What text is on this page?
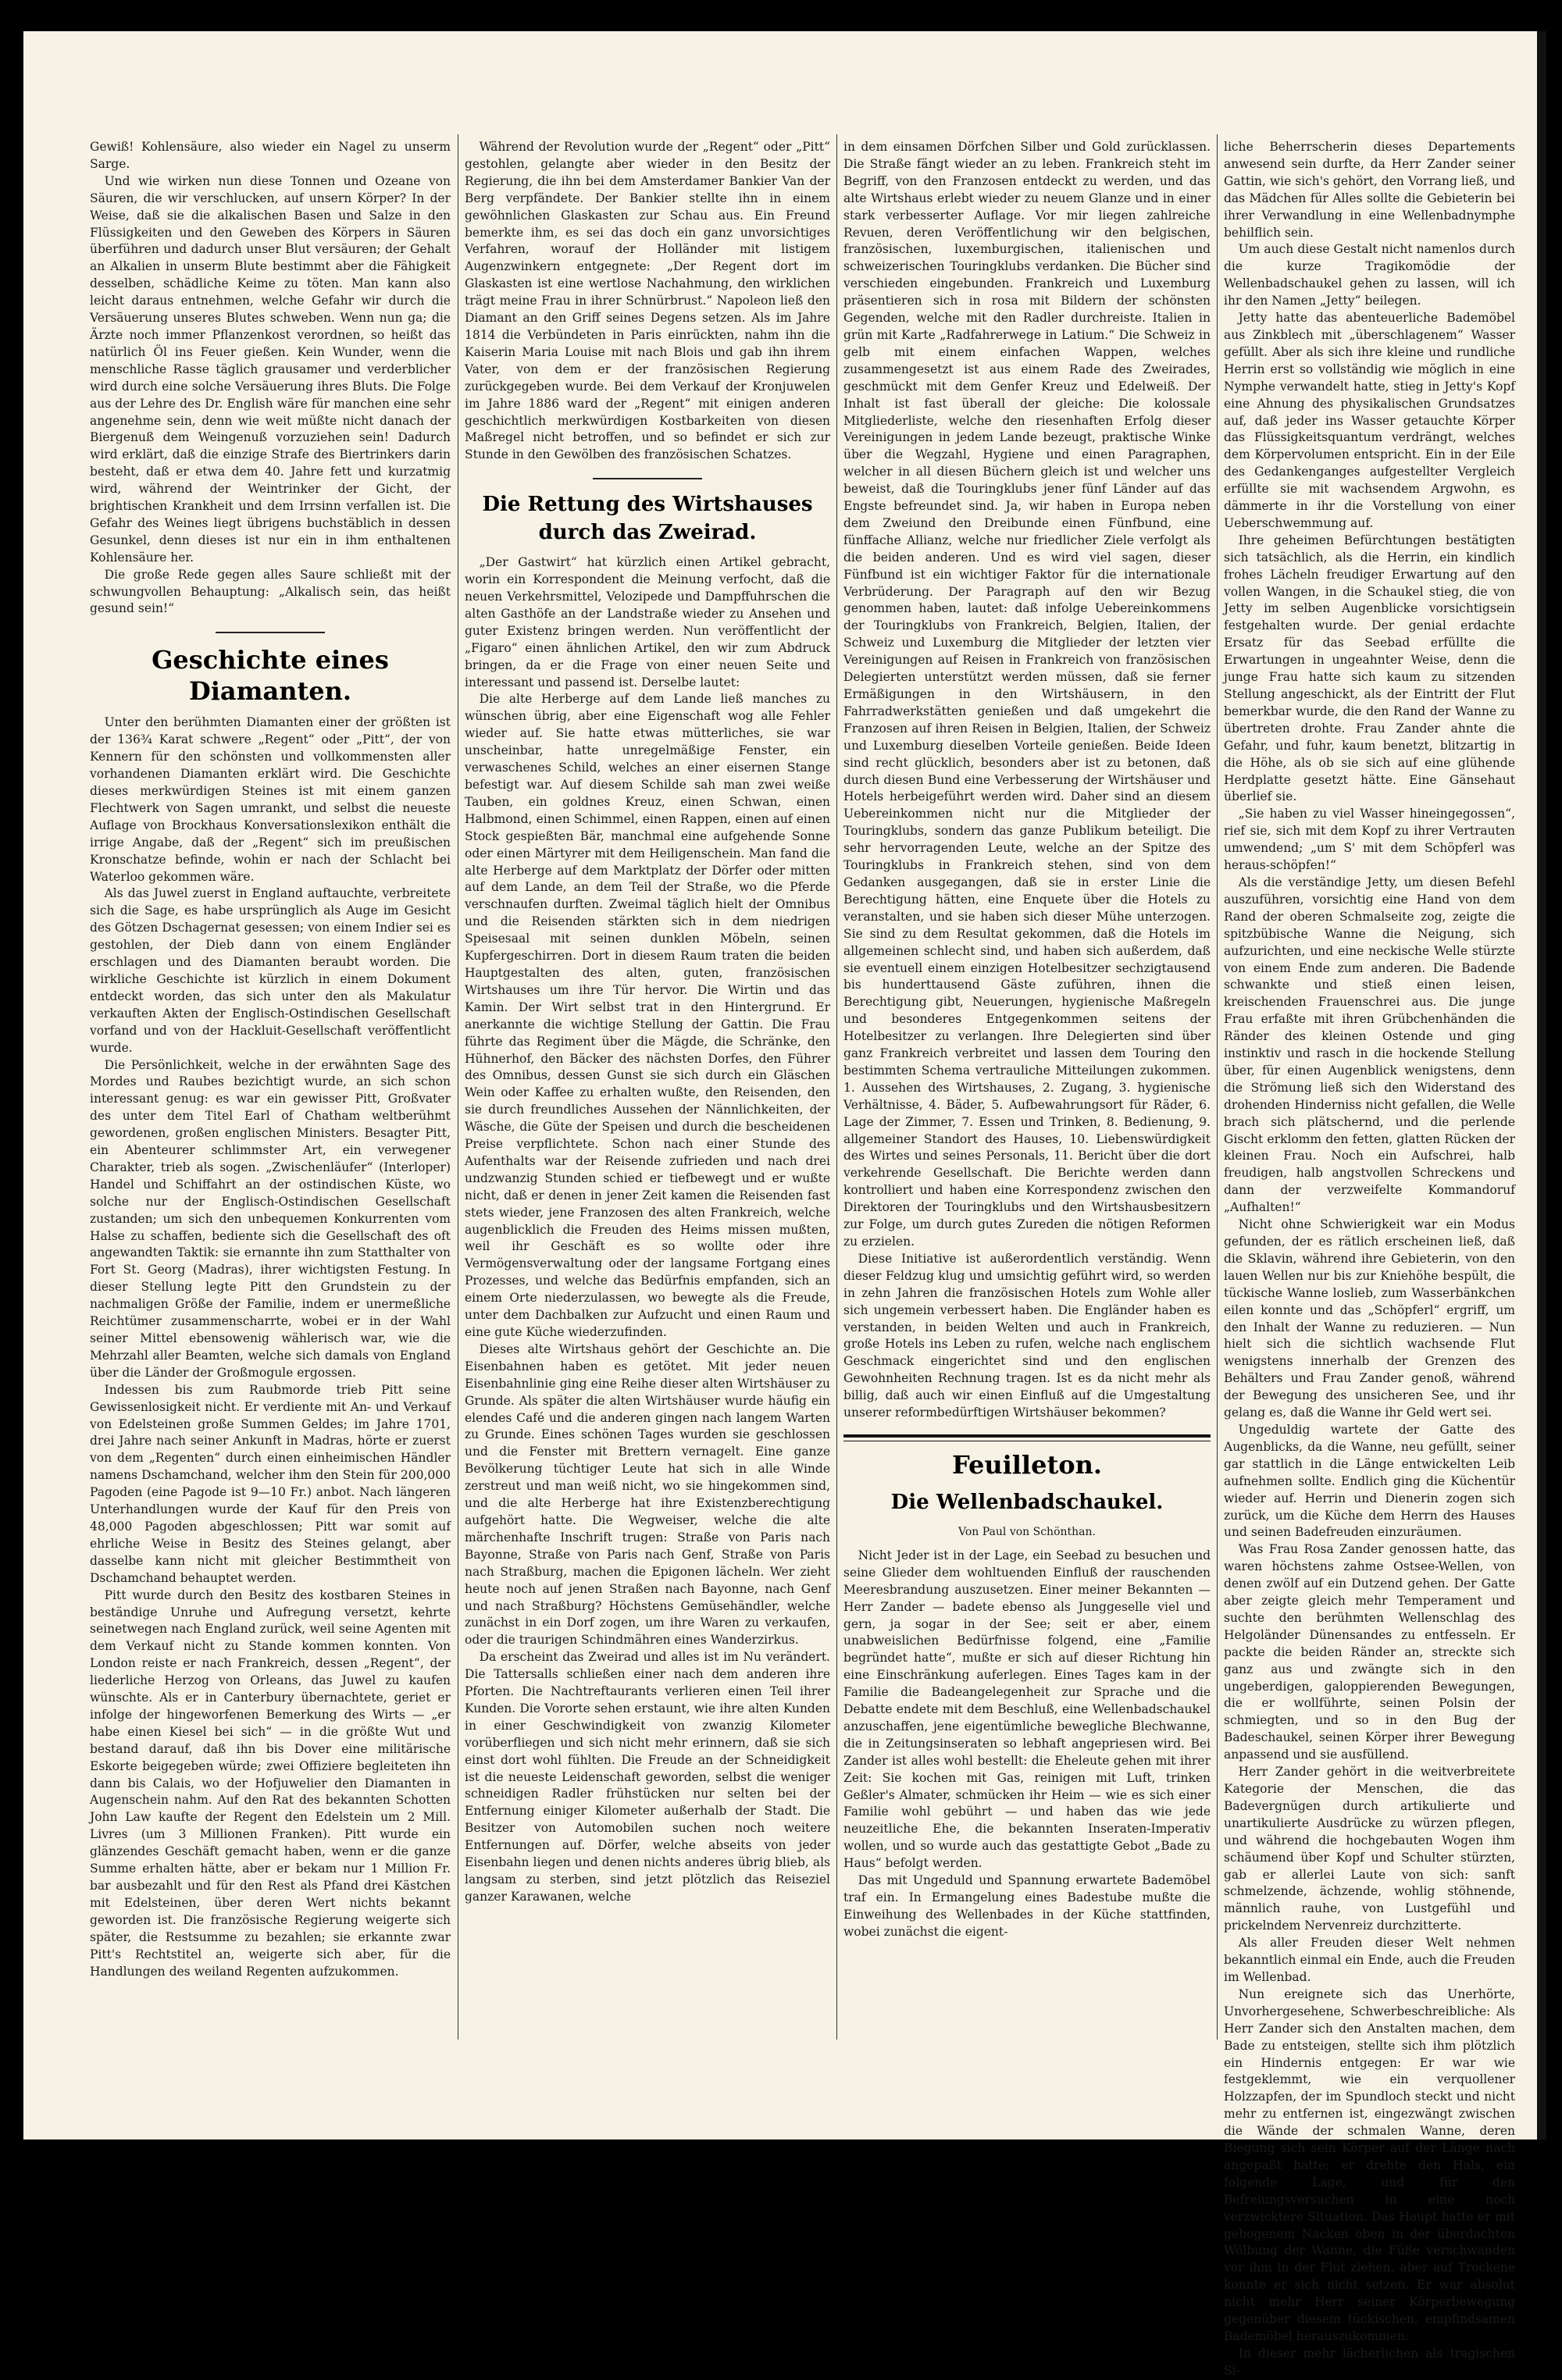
Gewiß! Kohlensäure, also wieder ein Nagel zu unserm Sarge.

Und wie wirken nun diese Tonnen und Ozeane von Säuren, die wir verschlucken, auf unsern Körper? In der Weise, daß sie die alkalischen Basen und Salze in den Flüssigkeiten und den Geweben des Körpers in Säuren überführen und dadurch unser Blut versäuren; der Gehalt an Alkalien in unserm Blute bestimmt aber die Fähigkeit desselben, schädliche Keime zu töten. Man kann also leicht daraus entnehmen, welche Gefahr wir durch die Versäuerung unseres Blutes schweben. Wenn nun ga; die Ärzte noch immer Pflanzenkost verordnen, so heißt das natürlich Öl ins Feuer gießen. Kein Wunder, wenn die menschliche Rasse täglich grausamer und verderblicher wird durch eine solche Versäuerung ihres Bluts. Die Folge aus der Lehre des Dr. English wäre für manchen eine sehr angenehme sein, denn wie weit müßte nicht danach der Biergenuß dem Weingenuß vorzuziehen sein! Dadurch wird erklärt, daß die einzige Strafe des Biertrinkers darin besteht, daß er etwa dem 40. Jahre fett und kurzatmig wird, während der Weintrinker der Gicht, der brightischen Krankheit und dem Irrsinn verfallen ist. Die Gefahr des Weines liegt übrigens buchstäblich in dessen Gesunkel, denn dieses ist nur ein in ihm enthaltenen Kohlensäure her.

Die große Rede gegen alles Saure schließt mit der schwungvollen Behauptung: „Alkalisch sein, das heißt gesund sein!“

Geschichte eines Diamanten.

Unter den berühmten Diamanten einer der größten ist der 136¾ Karat schwere „Regent“ oder „Pitt“, der von Kennern für den schönsten und vollkommensten aller vorhandenen Diamanten erklärt wird. Die Geschichte dieses merkwürdigen Steines ist mit einem ganzen Flechtwerk von Sagen umrankt, und selbst die neueste Auflage von Brockhaus Konversationslexikon enthält die irrige Angabe, daß der „Regent“ sich im preußischen Kronschatze befinde, wohin er nach der Schlacht bei Waterloo gekommen wäre.

Als das Juwel zuerst in England auftauchte, verbreitete sich die Sage, es habe ursprünglich als Auge im Gesicht des Götzen Dschagernat gesessen; von einem Indier sei es gestohlen, der Dieb dann von einem Engländer erschlagen und des Diamanten beraubt worden. Die wirkliche Geschichte ist kürzlich in einem Dokument entdeckt worden, das sich unter den als Makulatur verkauften Akten der Englisch-Ostindischen Gesellschaft vorfand und von der Hackluit-Gesellschaft veröffentlicht wurde.

Die Persönlichkeit, welche in der erwähnten Sage des Mordes und Raubes bezichtigt wurde, an sich schon interessant genug: es war ein gewisser Pitt, Großvater des unter dem Titel Earl of Chatham weltberühmt gewordenen, großen englischen Ministers. Besagter Pitt, ein Abenteurer schlimmster Art, ein verwegener Charakter, trieb als sogen. „Zwischenläufer“ (Interloper) Handel und Schiffahrt an der ostindischen Küste, wo solche nur der Englisch-Ostindischen Gesellschaft zustanden; um sich den unbequemen Konkurrenten vom Halse zu schaffen, bediente sich die Gesellschaft des oft angewandten Taktik: sie ernannte ihn zum Statthalter von Fort St. Georg (Madras), ihrer wichtigsten Festung. In dieser Stellung legte Pitt den Grundstein zu der nachmaligen Größe der Familie, indem er unermeßliche Reichtümer zusammenscharrte, wobei er in der Wahl seiner Mittel ebensowenig wählerisch war, wie die Mehrzahl aller Beamten, welche sich damals von England über die Länder der Großmogule ergossen.

Indessen bis zum Raubmorde trieb Pitt seine Gewissenlosigkeit nicht. Er verdiente mit An- und Verkauf von Edelsteinen große Summen Geldes; im Jahre 1701, drei Jahre nach seiner Ankunft in Madras, hörte er zuerst von dem „Regenten“ durch einen einheimischen Händler namens Dschamchand, welcher ihm den Stein für 200,000 Pagoden (eine Pagode ist 9—10 Fr.) anbot. Nach längeren Unterhandlungen wurde der Kauf für den Preis von 48,000 Pagoden abgeschlossen; Pitt war somit auf ehrliche Weise in Besitz des Steines gelangt, aber dasselbe kann nicht mit gleicher Bestimmtheit von Dschamchand behauptet werden.

Pitt wurde durch den Besitz des kostbaren Steines in beständige Unruhe und Aufregung versetzt, kehrte seinetwegen nach England zurück, weil seine Agenten mit dem Verkauf nicht zu Stande kommen konnten. Von London reiste er nach Frankreich, dessen „Regent“, der liederliche Herzog von Orleans, das Juwel zu kaufen wünschte. Als er in Canterbury übernachtete, geriet er infolge der hingeworfenen Bemerkung des Wirts — „er habe einen Kiesel bei sich“ — in die größte Wut und bestand darauf, daß ihn bis Dover eine militärische Eskorte beigegeben würde; zwei Offiziere begleiteten ihn dann bis Calais, wo der Hofjuwelier den Diamanten in Augenschein nahm. Auf den Rat des bekannten Schotten John Law kaufte der Regent den Edelstein um 2 Mill. Livres (um 3 Millionen Franken). Pitt wurde ein glänzendes Geschäft gemacht haben, wenn er die ganze Summe erhalten hätte, aber er bekam nur 1 Million Fr. bar ausbezahlt und für den Rest als Pfand drei Kästchen mit Edelsteinen, über deren Wert nichts bekannt geworden ist. Die französische Regierung weigerte sich später, die Restsumme zu bezahlen; sie erkannte zwar Pitt's Rechtstitel an, weigerte sich aber, für die Handlungen des weiland Regenten aufzukommen.

Während der Revolution wurde der „Regent“ oder „Pitt“ gestohlen, gelangte aber wieder in den Besitz der Regierung, die ihn bei dem Amsterdamer Bankier Van der Berg verpfändete. Der Bankier stellte ihn in einem gewöhnlichen Glaskasten zur Schau aus. Ein Freund bemerkte ihm, es sei das doch ein ganz unvorsichtiges Verfahren, worauf der Holländer mit listigem Augenzwinkern entgegnete: „Der Regent dort im Glaskasten ist eine wertlose Nachahmung, den wirklichen trägt meine Frau in ihrer Schnürbrust.“ Napoleon ließ den Diamant an den Griff seines Degens setzen. Als im Jahre 1814 die Verbündeten in Paris einrückten, nahm ihn die Kaiserin Maria Louise mit nach Blois und gab ihn ihrem Vater, von dem er der französischen Regierung zurückgegeben wurde. Bei dem Verkauf der Kronjuwelen im Jahre 1886 ward der „Regent“ mit einigen anderen geschichtlich merkwürdigen Kostbarkeiten von diesen Maßregel nicht betroffen, und so befindet er sich zur Stunde in den Gewölben des französischen Schatzes.

Die Rettung des Wirtshauses durch das Zweirad.

„Der Gastwirt“ hat kürzlich einen Artikel gebracht, worin ein Korrespondent die Meinung verfocht, daß die neuen Verkehrsmittel, Velozipede und Dampffuhrschen die alten Gasthöfe an der Landstraße wieder zu Ansehen und guter Existenz bringen werden. Nun veröffentlicht der „Figaro“ einen ähnlichen Artikel, den wir zum Abdruck bringen, da er die Frage von einer neuen Seite und interessant und passend ist. Derselbe lautet:

Die alte Herberge auf dem Lande ließ manches zu wünschen übrig, aber eine Eigenschaft wog alle Fehler wieder auf. Sie hatte etwas mütterliches, sie war unscheinbar, hatte unregelmäßige Fenster, ein verwaschenes Schild, welches an einer eisernen Stange befestigt war. Auf diesem Schilde sah man zwei weiße Tauben, ein goldnes Kreuz, einen Schwan, einen Halbmond, einen Schimmel, einen Rappen, einen auf einen Stock gespießten Bär, manchmal eine aufgehende Sonne oder einen Märtyrer mit dem Heiligenschein. Man fand die alte Herberge auf dem Marktplatz der Dörfer oder mitten auf dem Lande, an dem Teil der Straße, wo die Pferde verschnaufen durften. Zweimal täglich hielt der Omnibus und die Reisenden stärkten sich in dem niedrigen Speisesaal mit seinen dunklen Möbeln, seinen Kupfergeschirren. Dort in diesem Raum traten die beiden Hauptgestalten des alten, guten, französischen Wirtshauses um ihre Tür hervor. Die Wirtin und das Kamin. Der Wirt selbst trat in den Hintergrund. Er anerkannte die wichtige Stellung der Gattin. Die Frau führte das Regiment über die Mägde, die Schränke, den Hühnerhof, den Bäcker des nächsten Dorfes, den Führer des Omnibus, dessen Gunst sie sich durch ein Gläschen Wein oder Kaffee zu erhalten wußte, den Reisenden, den sie durch freundliches Aussehen der Nännlichkeiten, der Wäsche, die Güte der Speisen und durch die bescheidenen Preise verpflichtete. Schon nach einer Stunde des Aufenthalts war der Reisende zufrieden und nach drei undzwanzig Stunden schied er tiefbewegt und er wußte nicht, daß er denen in jener Zeit kamen die Reisenden fast stets wieder, jene Franzosen des alten Frankreich, welche augenblicklich die Freuden des Heims missen mußten, weil ihr Geschäft es so wollte oder ihre Vermögensverwaltung oder der langsame Fortgang eines Prozesses, und welche das Bedürfnis empfanden, sich an einem Orte niederzulassen, wo bewegte als die Freude, unter dem Dachbalken zur Aufzucht und einen Raum und eine gute Küche wiederzufinden.

Dieses alte Wirtshaus gehört der Geschichte an. Die Eisenbahnen haben es getötet. Mit jeder neuen Eisenbahnlinie ging eine Reihe dieser alten Wirtshäuser zu Grunde. Als später die alten Wirtshäuser wurde häufig ein elendes Café und die anderen gingen nach langem Warten zu Grunde. Eines schönen Tages wurden sie geschlossen und die Fenster mit Brettern vernagelt. Eine ganze Bevölkerung tüchtiger Leute hat sich in alle Winde zerstreut und man weiß nicht, wo sie hingekommen sind, und die alte Herberge hat ihre Existenzberechtigung aufgehört hatte. Die Wegweiser, welche die alte märchenhafte Inschrift trugen: Straße von Paris nach Bayonne, Straße von Paris nach Genf, Straße von Paris nach Straßburg, machen die Epigonen lächeln. Wer zieht heute noch auf jenen Straßen nach Bayonne, nach Genf und nach Straßburg? Höchstens Gemüsehändler, welche zunächst in ein Dorf zogen, um ihre Waren zu verkaufen, oder die traurigen Schindmähren eines Wanderzirkus.

Da erscheint das Zweirad und alles ist im Nu verändert. Die Tattersalls schließen einer nach dem anderen ihre Pforten. Die Nachtreftaurants verlieren einen Teil ihrer Kunden. Die Vororte sehen erstaunt, wie ihre alten Kunden in einer Geschwindigkeit von zwanzig Kilometer vorüberfliegen und sich nicht mehr erinnern, daß sie sich einst dort wohl fühlten. Die Freude an der Schneidigkeit ist die neueste Leidenschaft geworden, selbst die weniger schneidigen Radler frühstücken nur selten bei der Entfernung einiger Kilometer außerhalb der Stadt. Die Besitzer von Automobilen suchen noch weitere Entfernungen auf. Dörfer, welche abseits von jeder Eisenbahn liegen und denen nichts anderes übrig blieb, als langsam zu sterben, sind jetzt plötzlich das Reiseziel ganzer Karawanen, welche

in dem einsamen Dörfchen Silber und Gold zurücklassen. Die Straße fängt wieder an zu leben. Frankreich steht im Begriff, von den Franzosen entdeckt zu werden, und das alte Wirtshaus erlebt wieder zu neuem Glanze und in einer stark verbesserter Auflage. Vor mir liegen zahlreiche Revuen, deren Veröffentlichung wir den belgischen, französischen, luxemburgischen, italienischen und schweizerischen Touringklubs verdanken. Die Bücher sind verschieden eingebunden. Frankreich und Luxemburg präsentieren sich in rosa mit Bildern der schönsten Gegenden, welche mit den Radler durchreiste. Italien in grün mit Karte „Radfahrerwege in Latium.“ Die Schweiz in gelb mit einem einfachen Wappen, welches zusammengesetzt ist aus einem Rade des Zweirades, geschmückt mit dem Genfer Kreuz und Edelweiß. Der Inhalt ist fast überall der gleiche: Die kolossale Mitgliederliste, welche den riesenhaften Erfolg dieser Vereinigungen in jedem Lande bezeugt, praktische Winke über die Wegzahl, Hygiene und einen Paragraphen, welcher in all diesen Büchern gleich ist und welcher uns beweist, daß die Touringklubs jener fünf Länder auf das Engste befreundet sind. Ja, wir haben in Europa neben dem Zweiund den Dreibunde einen Fünfbund, eine fünffache Allianz, welche nur friedlicher Ziele verfolgt als die beiden anderen. Und es wird viel sagen, dieser Fünfbund ist ein wichtiger Faktor für die internationale Verbrüderung. Der Paragraph auf den wir Bezug genommen haben, lautet: daß infolge Uebereinkommens der Touringklubs von Frankreich, Belgien, Italien, der Schweiz und Luxemburg die Mitglieder der letzten vier Vereinigungen auf Reisen in Frankreich von französischen Delegierten unterstützt werden müssen, daß sie ferner Ermäßigungen in den Wirtshäusern, in den Fahrradwerkstätten genießen und daß umgekehrt die Franzosen auf ihren Reisen in Belgien, Italien, der Schweiz und Luxemburg dieselben Vorteile genießen. Beide Ideen sind recht glücklich, besonders aber ist zu betonen, daß durch diesen Bund eine Verbesserung der Wirtshäuser und Hotels herbeigeführt werden wird. Daher sind an diesem Uebereinkommen nicht nur die Mitglieder der Touringklubs, sondern das ganze Publikum beteiligt. Die sehr hervorragenden Leute, welche an der Spitze des Touringklubs in Frankreich stehen, sind von dem Gedanken ausgegangen, daß sie in erster Linie die Berechtigung hätten, eine Enquete über die Hotels zu veranstalten, und sie haben sich dieser Mühe unterzogen. Sie sind zu dem Resultat gekommen, daß die Hotels im allgemeinen schlecht sind, und haben sich außerdem, daß sie eventuell einem einzigen Hotelbesitzer sechzigtausend bis hunderttausend Gäste zuführen, ihnen die Berechtigung gibt, Neuerungen, hygienische Maßregeln und besonderes Entgegenkommen seitens der Hotelbesitzer zu verlangen. Ihre Delegierten sind über ganz Frankreich verbreitet und lassen dem Touring den bestimmten Schema vertrauliche Mitteilungen zukommen. 1. Aussehen des Wirtshauses, 2. Zugang, 3. hygienische Verhältnisse, 4. Bäder, 5. Aufbewahrungsort für Räder, 6. Lage der Zimmer, 7. Essen und Trinken, 8. Bedienung, 9. allgemeiner Standort des Hauses, 10. Liebenswürdigkeit des Wirtes und seines Personals, 11. Bericht über die dort verkehrende Gesellschaft. Die Berichte werden dann kontrolliert und haben eine Korrespondenz zwischen den Direktoren der Touringklubs und den Wirtshausbesitzern zur Folge, um durch gutes Zureden die nötigen Reformen zu erzielen.

Diese Initiative ist außerordentlich verständig. Wenn dieser Feldzug klug und umsichtig geführt wird, so werden in zehn Jahren die französischen Hotels zum Wohle aller sich ungemein verbessert haben. Die Engländer haben es verstanden, in beiden Welten und auch in Frankreich, große Hotels ins Leben zu rufen, welche nach englischem Geschmack eingerichtet sind und den englischen Gewohnheiten Rechnung tragen. Ist es da nicht mehr als billig, daß auch wir einen Einfluß auf die Umgestaltung unserer reformbedürftigen Wirtshäuser bekommen?

Feuilleton.
Die Wellenbadschaukel.
Von Paul von Schönthan.

Nicht Jeder ist in der Lage, ein Seebad zu besuchen und seine Glieder dem wohltuenden Einfluß der rauschenden Meeresbrandung auszusetzen. Einer meiner Bekannten — Herr Zander — badete ebenso als Junggeselle viel und gern, ja sogar in der See; seit er aber, einem unabweislichen Bedürfnisse folgend, eine „Familie begründet hatte“, mußte er sich auf dieser Richtung hin eine Einschränkung auferlegen. Eines Tages kam in der Familie die Badeangelegenheit zur Sprache und die Debatte endete mit dem Beschluß, eine Wellenbadschaukel anzuschaffen, jene eigentümliche bewegliche Blechwanne, die in Zeitungsinseraten so lebhaft angepriesen wird. Bei Zander ist alles wohl bestellt: die Eheleute gehen mit ihrer Zeit: Sie kochen mit Gas, reinigen mit Luft, trinken Geßler's Almater, schmücken ihr Heim — wie es sich einer Familie wohl gebührt — und haben das wie jede neuzeitliche Ehe, die bekannten Inseraten-Imperativ wollen, und so wurde auch das gestattigte Gebot „Bade zu Haus“ befolgt werden.

Das mit Ungeduld und Spannung erwartete Bademöbel traf ein. In Ermangelung eines Badestube mußte die Einweihung des Wellenbades in der Küche stattfinden, wobei zunächst die eigent-

liche Beherrscherin dieses Departements anwesend sein durfte, da Herr Zander seiner Gattin, wie sich's gehört, den Vorrang ließ, und das Mädchen für Alles sollte die Gebieterin bei ihrer Verwandlung in eine Wellenbadnymphe behilflich sein.

Um auch diese Gestalt nicht namenlos durch die kurze Tragikomödie der Wellenbadschaukel gehen zu lassen, will ich ihr den Namen „Jetty“ beilegen.

Jetty hatte das abenteuerliche Bademöbel aus Zinkblech mit „überschlagenem“ Wasser gefüllt. Aber als sich ihre kleine und rundliche Herrin erst so vollständig wie möglich in eine Nymphe verwandelt hatte, stieg in Jetty's Kopf eine Ahnung des physikalischen Grundsatzes auf, daß jeder ins Wasser getauchte Körper das Flüssigkeitsquantum verdrängt, welches dem Körpervolumen entspricht. Ein in der Eile des Gedankenganges aufgestellter Vergleich erfüllte sie mit wachsendem Argwohn, es dämmerte in ihr die Vorstellung von einer Ueberschwemmung auf.

Ihre geheimen Befürchtungen bestätigten sich tatsächlich, als die Herrin, ein kindlich frohes Lächeln freudiger Erwartung auf den vollen Wangen, in die Schaukel stieg, die von Jetty im selben Augenblicke vorsichtigsein festgehalten wurde. Der genial erdachte Ersatz für das Seebad erfüllte die Erwartungen in ungeahnter Weise, denn die junge Frau hatte sich kaum zu sitzenden Stellung angeschickt, als der Eintritt der Flut bemerkbar wurde, die den Rand der Wanne zu übertreten drohte. Frau Zander ahnte die Gefahr, und fuhr, kaum benetzt, blitzartig in die Höhe, als ob sie sich auf eine glühende Herdplatte gesetzt hätte. Eine Gänsehaut überlief sie.

„Sie haben zu viel Wasser hineingegossen“, rief sie, sich mit dem Kopf zu ihrer Vertrauten umwendend; „um S' mit dem Schöpferl was heraus-schöpfen!“

Als die verständige Jetty, um diesen Befehl auszuführen, vorsichtig eine Hand von dem Rand der oberen Schmalseite zog, zeigte die spitzbübische Wanne die Neigung, sich aufzurichten, und eine neckische Welle stürzte von einem Ende zum anderen. Die Badende schwankte und stieß einen leisen, kreischenden Frauenschrei aus. Die junge Frau erfaßte mit ihren Grübchenhänden die Ränder des kleinen Ostende und ging instinktiv und rasch in die hockende Stellung über, für einen Augenblick wenigstens, denn die Strömung ließ sich den Widerstand des drohenden Hinderniss nicht gefallen, die Welle brach sich plätschernd, und die perlende Gischt erklomm den fetten, glatten Rücken der kleinen Frau. Noch ein Aufschrei, halb freudigen, halb angstvollen Schreckens und dann der verzweifelte Kommandoruf „Aufhalten!“

Nicht ohne Schwierigkeit war ein Modus gefunden, der es rätlich erscheinen ließ, daß die Sklavin, während ihre Gebieterin, von den lauen Wellen nur bis zur Kniehöhe bespült, die tückische Wanne loslieb, zum Wasserbänkchen eilen konnte und das „Schöpferl“ ergriff, um den Inhalt der Wanne zu reduzieren. — Nun hielt sich die sichtlich wachsende Flut wenigstens innerhalb der Grenzen des Behälters und Frau Zander genoß, während der Bewegung des unsicheren See, und ihr gelang es, daß die Wanne ihr Geld wert sei.

Ungeduldig wartete der Gatte des Augenblicks, da die Wanne, neu gefüllt, seiner gar stattlich in die Länge entwickelten Leib aufnehmen sollte. Endlich ging die Küchentür wieder auf. Herrin und Dienerin zogen sich zurück, um die Küche dem Herrn des Hauses und seinen Badefreuden einzuräumen.

Was Frau Rosa Zander genossen hatte, das waren höchstens zahme Ostsee-Wellen, von denen zwölf auf ein Dutzend gehen. Der Gatte aber zeigte gleich mehr Temperament und suchte den berühmten Wellenschlag des Helgoländer Dünensandes zu entfesseln. Er packte die beiden Ränder an, streckte sich ganz aus und zwängte sich in den ungeberdigen, galoppierenden Bewegungen, die er wollführte, seinen Polsin der schmiegten, und so in den Bug der Badeschaukel, seinen Körper ihrer Bewegung anpassend und sie ausfüllend.

Herr Zander gehört in die weitverbreitete Kategorie der Menschen, die das Badevergnügen durch artikulierte und unartikulierte Ausdrücke zu würzen pflegen, und während die hochgebauten Wogen ihm schäumend über Kopf und Schulter stürzten, gab er allerlei Laute von sich: sanft schmelzende, ächzende, wohlig stöhnende, männlich rauhe, von Lustgefühl und prickelndem Nervenreiz durchzitterte.

Als aller Freuden dieser Welt nehmen bekanntlich einmal ein Ende, auch die Freuden im Wellenbad.

Nun ereignete sich das Unerhörte, Unvorhergesehene, Schwerbeschreibliche: Als Herr Zander sich den Anstalten machen, dem Bade zu entsteigen, stellte sich ihm plötzlich ein Hindernis entgegen: Er war wie festgeklemmt, wie ein verquollener Holzzapfen, der im Spundloch steckt und nicht mehr zu entfernen ist, eingezwängt zwischen die Wände der schmalen Wanne, deren Biegung sich sein Körper auf der Länge nach angepaßt hatte; er drehte den Hals, ein folgende Lage, und für den Befreiungsversuchen in eine noch verzwicktere Situation. Das Haupt hatte er mit gebogenem Nacken oben in der überdachten Wölbung der Wanne, die Füße verschwanden vor ihm in der Flut ziehen, aber auf Trockene konnte er sich nicht setzen. Er war absolut nicht mehr Herr seiner Körperbewegung gegenüber diesem tückischen, empfindsamen Bademöbel herauszukommen.

In dieser mehr lächerlichen als tragischen Si-
